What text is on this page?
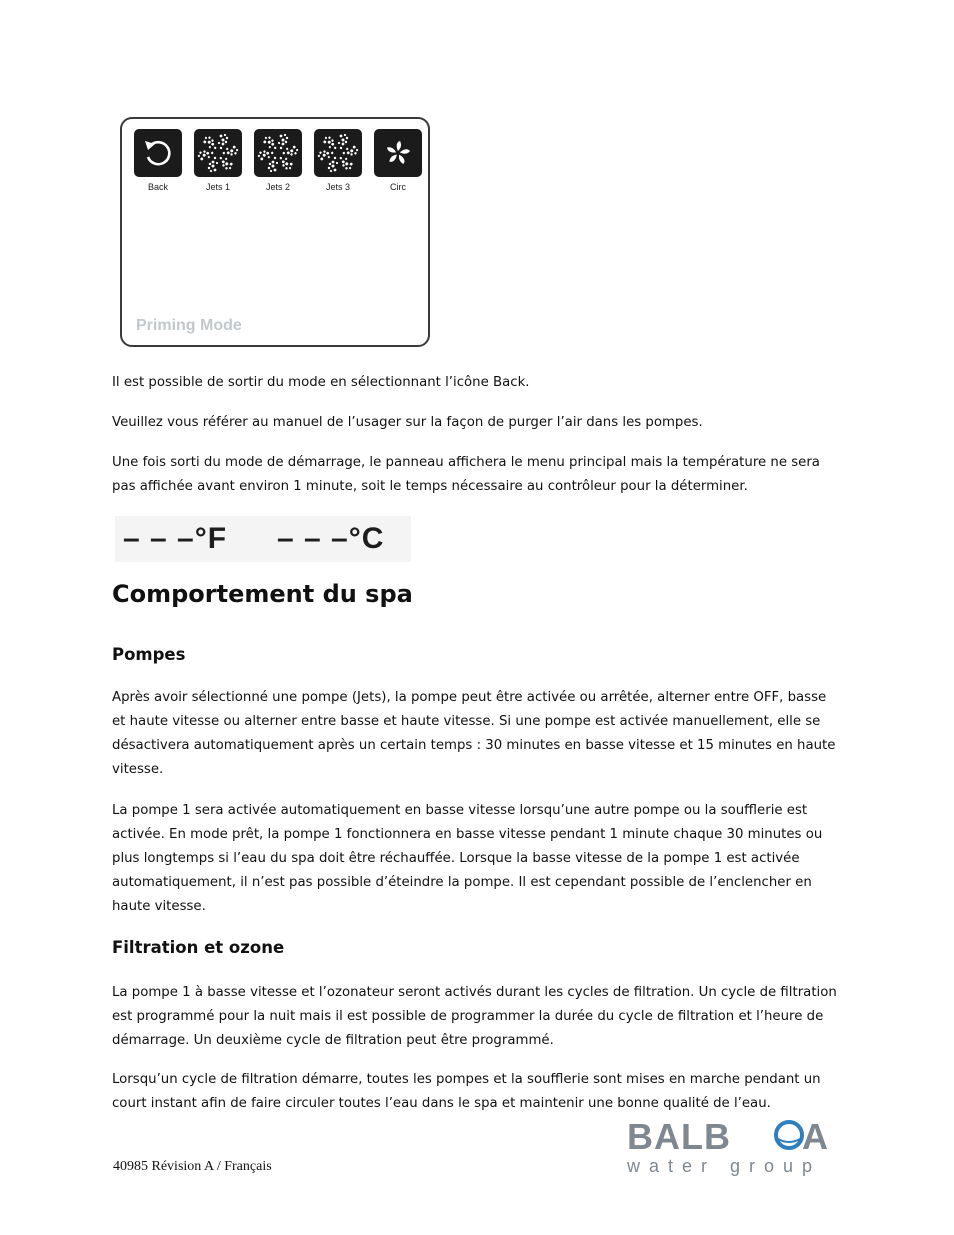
Back	Jets 1	Jets 2	Jets 3	Circ
Priming Mode
Il est possible de sortir du mode en sélectionnant l’icône Back.
Veuillez vous référer au manuel de l’usager sur la façon de purger l’air dans les pompes.
Une fois sorti du mode de démarrage, le panneau affichera le menu principal mais la température ne sera pas affichée avant environ 1 minute, soit le temps nécessaire au contrôleur pour la déterminer.
– – –°F – – –°C
Comportement du spa
Pompes
Après avoir sélectionné une pompe (Jets), la pompe peut être activée ou arrêtée, alterner entre OFF, basse et haute vitesse ou alterner entre basse et haute vitesse. Si une pompe est activée manuellement, elle se désactivera automatiquement après un certain temps : 30 minutes en basse vitesse et 15 minutes en haute vitesse.
La pompe 1 sera activée automatiquement en basse vitesse lorsqu’une autre pompe ou la soufflerie est activée. En mode prêt, la pompe 1 fonctionnera en basse vitesse pendant 1 minute chaque 30 minutes ou plus longtemps si l’eau du spa doit être réchauffée. Lorsque la basse vitesse de la pompe 1 est activée automatiquement, il n’est pas possible d’éteindre la pompe. Il est cependant possible de l’enclencher en haute vitesse.
Filtration et ozone
La pompe 1 à basse vitesse et l’ozonateur seront activés durant les cycles de filtration. Un cycle de filtration est programmé pour la nuit mais il est possible de programmer la durée du cycle de filtration et l’heure de démarrage. Un deuxième cycle de filtration peut être programmé.
Lorsqu’un cycle de filtration démarre, toutes les pompes et la soufflerie sont mises en marche pendant un court instant afin de faire circuler toutes l’eau dans le spa et maintenir une bonne qualité de l’eau.
40985 Révision A / Français
BALB A
water group
